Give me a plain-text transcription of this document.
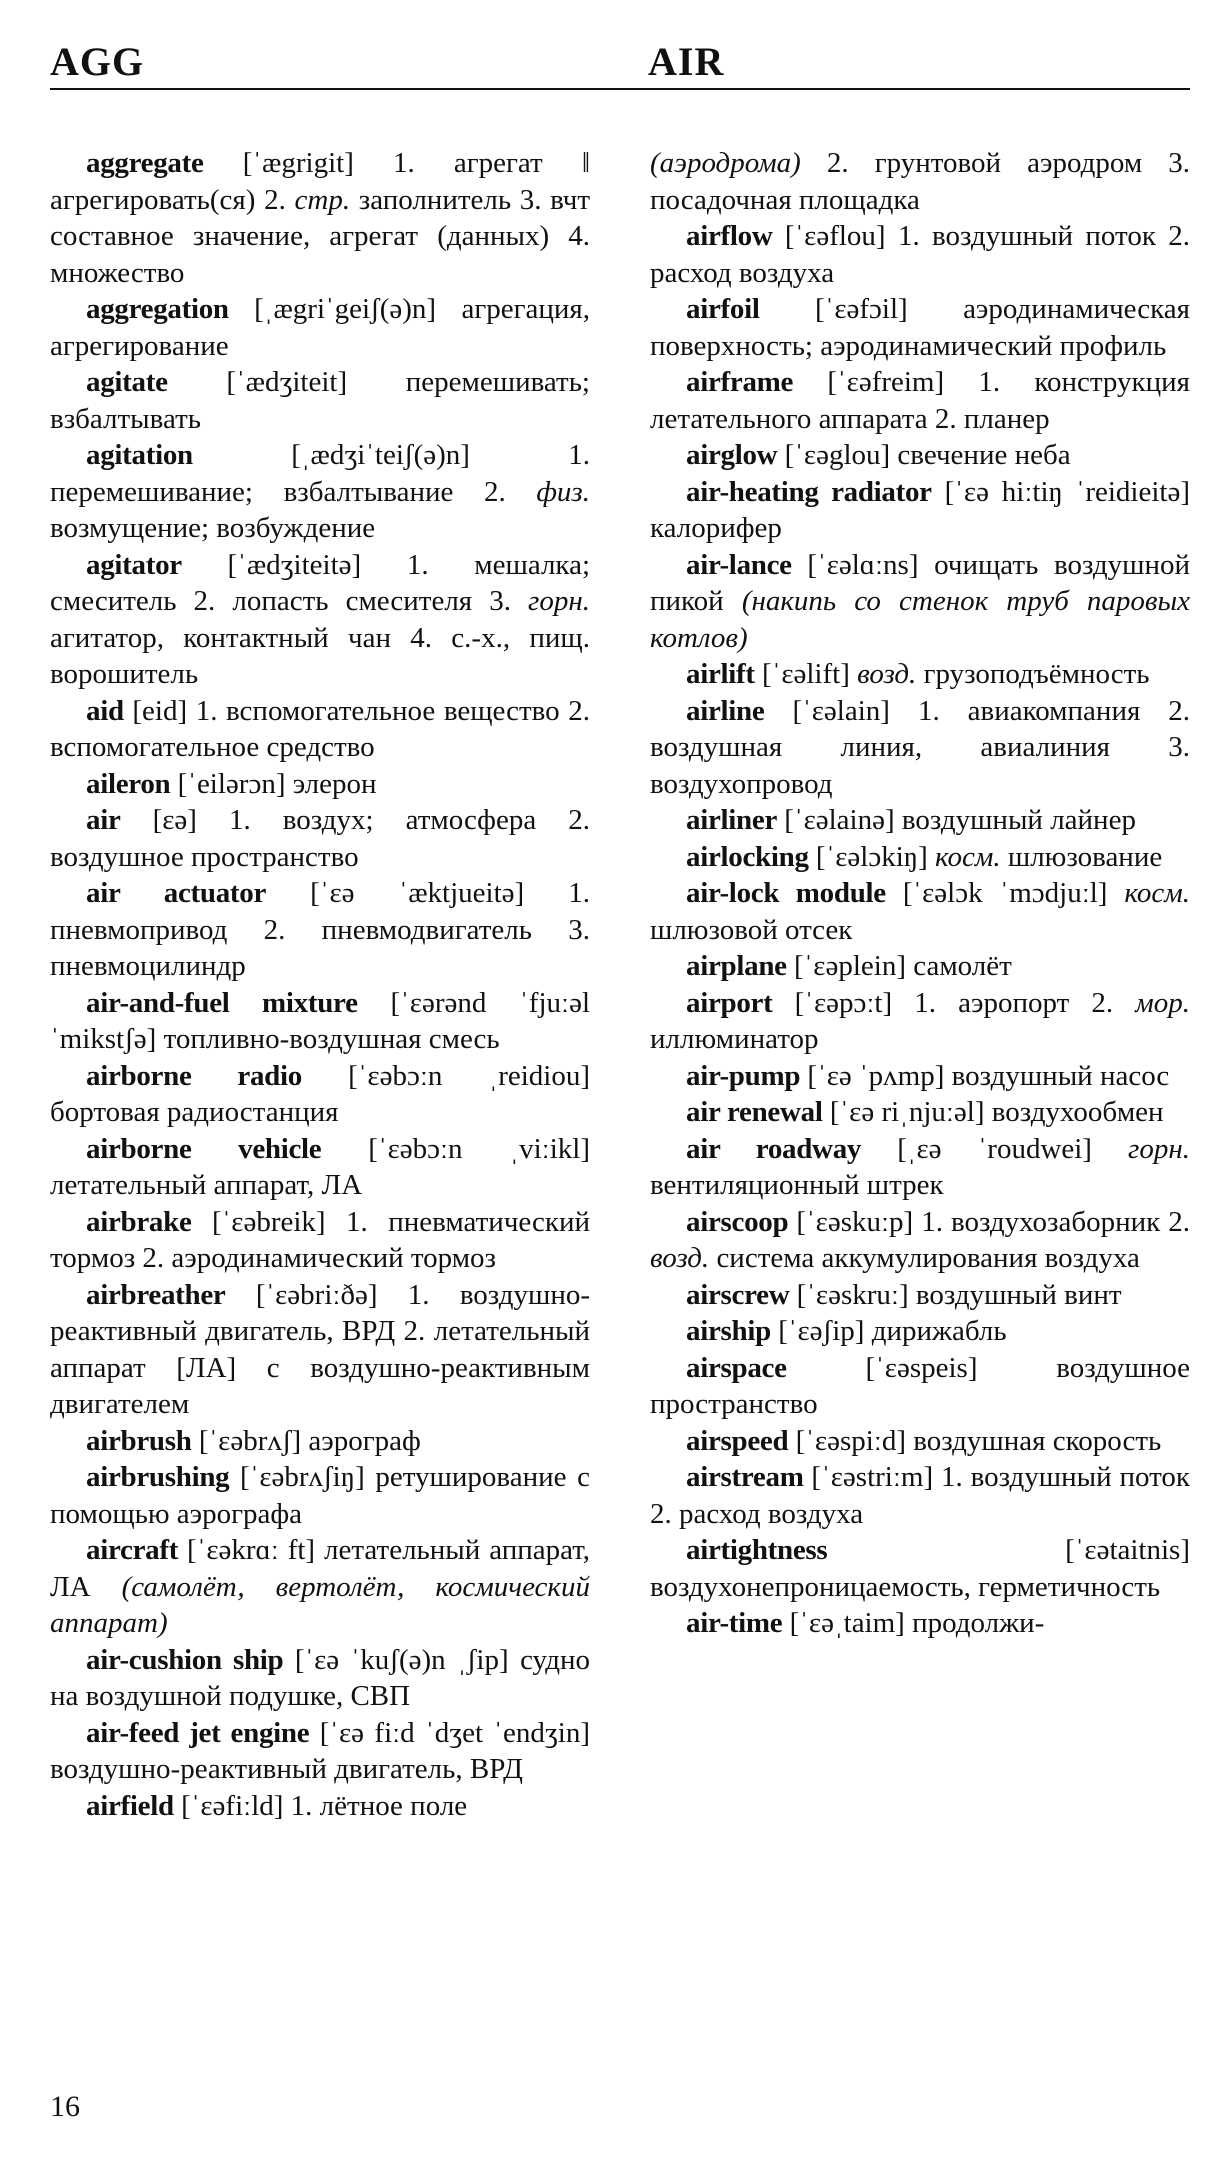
AGG	AIR

aggregate [ˈægrigit] 1. агрегат ‖ агрегировать(ся) 2. стр. заполнитель 3. вчт составное значение, агрегат (данных) 4. множество

aggregation [ˌægriˈgeiʃ(ə)n] агрегация, агрегирование

agitate [ˈædʒiteit] перемешивать; взбалтывать

agitation	[ˌædʒiˈteiʃ(ə)n]	1. перемешивание; взбалтывание 2. физ. возмущение; возбуждение

agitator [ˈædʒiteitə] 1. мешалка; смеситель 2. лопасть смесителя 3. горн. агитатор, контактный чан 4. с.-х., пищ. ворошитель

aid [eid] 1. вспомогательное вещество 2. вспомогательное средство

aileron [ˈeilərɔn] элерон

air [ɛə] 1. воздух; атмосфера 2. воздушное пространство

air actuator [ˈɛə ˈæktjueitə] 1. пневмопривод 2. пневмодвигатель 3. пневмоцилиндр

air-and-fuel mixture [ˈɛərənd ˈfjuːəl ˈmikstʃə] топливно-воздушная смесь

airborne radio [ˈɛəbɔːn ˌreidiou] бортовая радиостанция

airborne vehicle [ˈɛəbɔːn ˌviːikl] летательный аппарат, ЛА

airbrake [ˈɛəbreik] 1. пневматический тормоз 2. аэродинамический тормоз

airbreather [ˈɛəbriːðə] 1. воздушно-реактивный двигатель, ВРД 2. летательный аппарат [ЛА] с воздушно-реактивным двигателем

airbrush [ˈɛəbrʌʃ] аэрограф

airbrushing [ˈɛəbrʌʃiŋ] ретуширование с помощью аэрографа

aircraft [ˈɛəkrɑː ft] летательный аппарат, ЛА (самолёт, вертолёт, космический аппарат)

air-cushion ship [ˈɛə ˈkuʃ(ə)n ˌʃip] судно на воздушной подушке, СВП

air-feed jet engine [ˈɛə fiːd ˈdʒet ˈendʒin] воздушно-реактивный двигатель, ВРД

airfield [ˈɛəfiːld] 1. лётное поле

(аэродрома) 2. грунтовой аэродром 3. посадочная площадка

airflow [ˈɛəflou] 1. воздушный поток 2. расход воздуха

airfoil [ˈɛəfɔil] аэродинамическая поверхность; аэродинамический профиль

airframe [ˈɛəfreim] 1. конструкция летательного аппарата 2. планер

airglow [ˈɛəglou] свечение неба

air-heating radiator [ˈɛə hiːtiŋ ˈreidieitə] калорифер

air-lance [ˈɛəlɑːns] очищать воздушной пикой (накипь со стенок труб паровых котлов)

airlift [ˈɛəlift] возд. грузоподъёмность

airline [ˈɛəlain] 1. авиакомпания 2. воздушная линия, авиалиния 3. воздухопровод

airliner [ˈɛəlainə] воздушный лайнер

airlocking [ˈɛəlɔkiŋ] косм. шлюзование

air-lock module [ˈɛəlɔk ˈmɔdjuːl] косм. шлюзовой отсек

airplane [ˈɛəplein] самолёт

airport [ˈɛəpɔːt] 1. аэропорт 2. мор. иллюминатор

air-pump [ˈɛə ˈpʌmp] воздушный насос

air renewal [ˈɛə riˌnjuːəl] воздухообмен

air roadway [ˌɛə ˈroudwei] горн. вентиляционный штрек

airscoop [ˈɛəskuːp] 1. воздухозаборник 2. возд. система аккумулирования воздуха

airscrew [ˈɛəskruː] воздушный винт

airship [ˈɛəʃip] дирижабль

airspace	[ˈɛəspeis]	воздушное пространство

airspeed [ˈɛəspiːd] воздушная скорость

airstream [ˈɛəstriːm] 1. воздушный поток 2. расход воздуха

airtightness	[ˈɛətaitnis] воздухонепроницаемость, герметичность

air-time [ˈɛəˌtaim] продолжи-

16
